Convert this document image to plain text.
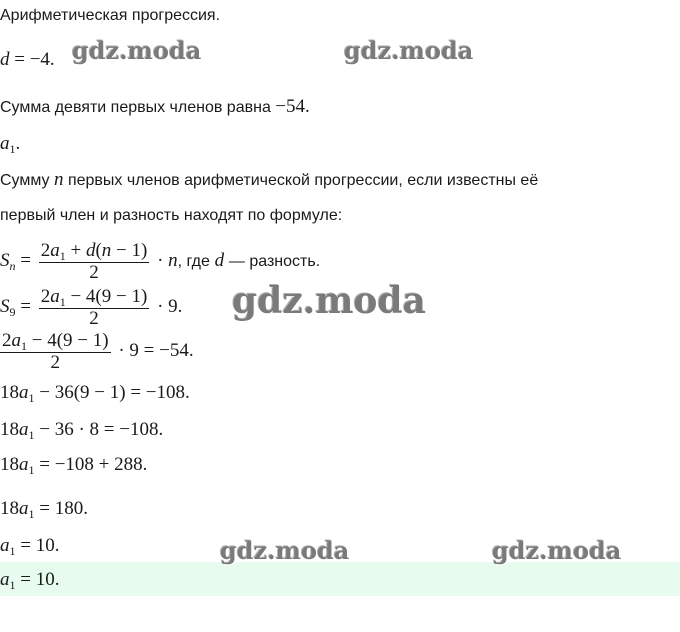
Арифметическая прогрессия.
d = −4.
Сумма девяти первых членов равна −54.
$a_1$.
Сумму n первых членов арифметической прогрессии, если известны её
первый член и разность находят по формуле:
$S_n = \frac{2a_1 + d(n - 1)}{2} \cdot n$, где d — разность.
$S_9 = \frac{2a_1 - 4(9 - 1)}{2} \cdot 9$.
$\frac{2a_1 - 4(9 - 1)}{2} \cdot 9 = -54$.
$18a_1 - 36(9 - 1) = -108$.
$18a_1 - 36 \cdot 8 = -108$.
$18a_1 = -108 + 288$.
$18a_1 = 180$.
$a_1 = 10$.
$a_1 = 10$.
gdz.moda	gdz.moda
gdz.moda
gdz.moda	gdz.moda
